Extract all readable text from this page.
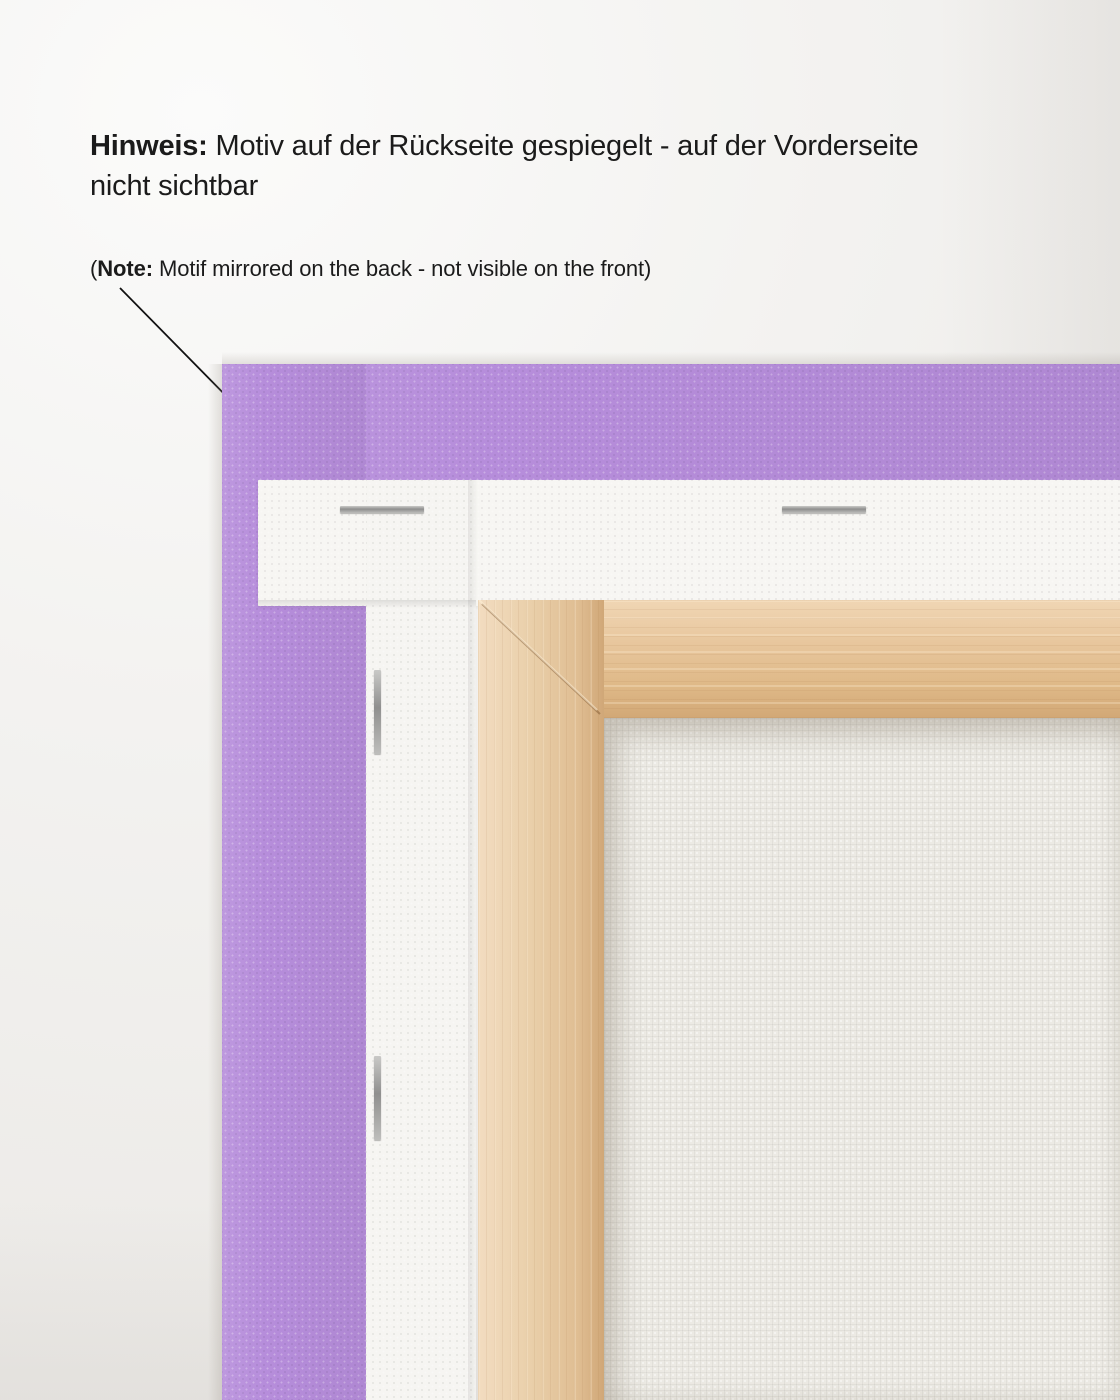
Hinweis: Motiv auf der Rückseite gespiegelt - auf der Vorderseite nicht sichtbar

(Note: Motif mirrored on the back - not visible on the front)
